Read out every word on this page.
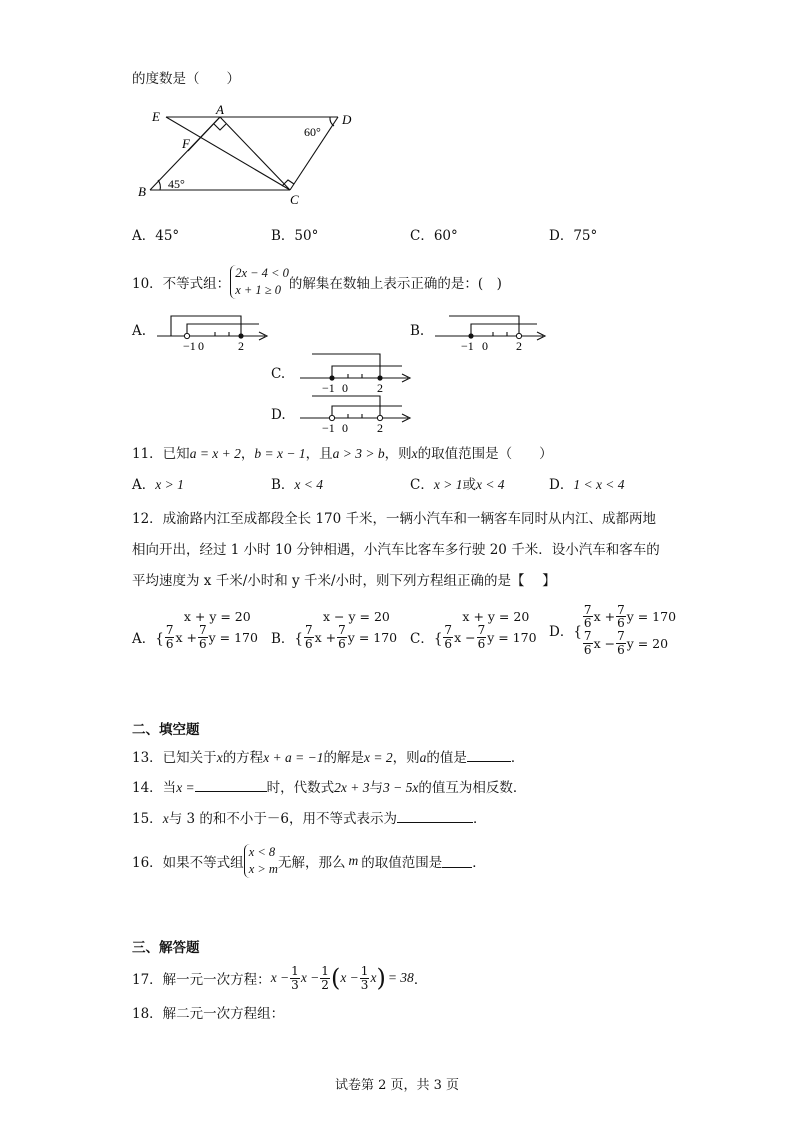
的度数是（　　）
E	A
D
F
B
C
45°
60°
A．45°	B．50°	C．60°	D．75°
10．不等式组：
2x − 4 < 0
x + 1 ≥ 0 的解集在数轴上表示正确的是：(　)
A.
−1 0	2
B.
−1 0 2
C.
−1 0 2
D.
−1 0 2
11．已知a = x + 2，b = x − 1，且a > 3 > b，则x的取值范围是（　　）
A．x > 1	B．x < 4	C．x > 1或x < 4	D．1 < x < 4
12．成渝路内江至成都段全长 170 千米，一辆小汽车和一辆客车同时从内江、成都两地
相向开出，经过 1 小时 10 分钟相遇，小汽车比客车多行驶 20 千米．设小汽车和客车的
平均速度为 x 千米/小时和 y 千米/小时，则下列方程组正确的是【　 】
A．{
x + y = 20
$\frac{7}{6}$ $x + \frac{7}{6}$ y = 170 B．{
x − y = 20
$\frac{7}{6}$ $x + \frac{7}{6}$ y = 170 C．{
x + y = 20
$\frac{7}{6}$ $x - \frac{7}{6}$ y = 170 D．{
$\frac{7}{6}$ $x + \frac{7}{6}$ y = 170
$\frac{7}{6}$ $x - \frac{7}{6}$ y = 20
二、填空题
13．已知关于x的方程x + a = −1的解是x = 2，则a的值是	．
14．当x =	时，代数式2x + 3与3 − 5x的值互为相反数．
15．x与 3 的和不小于－6，用不等式表示为	．
16．如果不等式组
x < 8
x > m 无解，那么 m 的取值范围是 ．
三、解答题
17．解一元一次方程： $x - \frac{1}{3}$ $x - \frac{1}{2}$ ( $x - \frac{1}{3}$ x ) = 38 ．
18．解二元一次方程组：
试卷第 2 页，共 3 页
